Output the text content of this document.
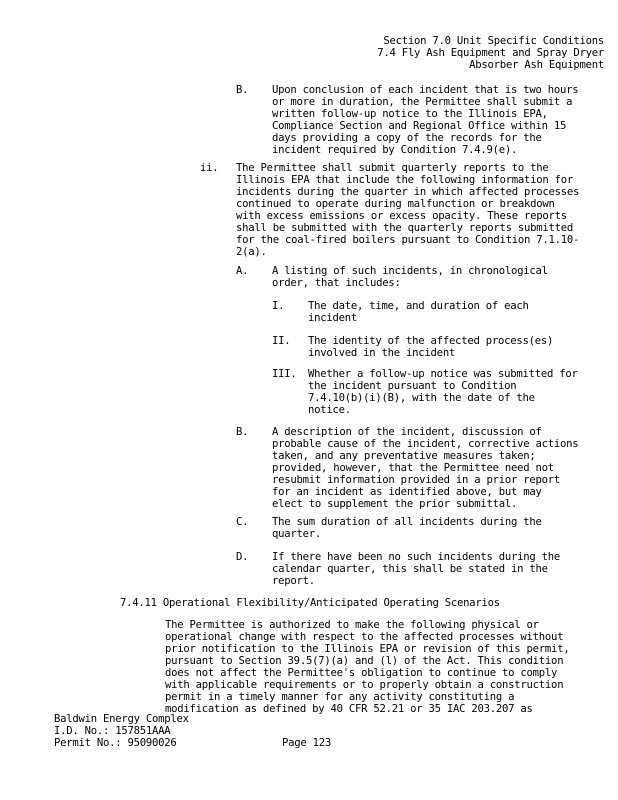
Section 7.0 Unit Specific Conditions
7.4 Fly Ash Equipment and Spray Dryer
Absorber Ash Equipment
B. Upon conclusion of each incident that is two hours
or more in duration, the Permittee shall submit a
written follow-up notice to the Illinois EPA,
Compliance Section and Regional Office within 15
days providing a copy of the records for the
incident required by Condition 7.4.9(e).
ii. The Permittee shall submit quarterly reports to the
Illinois EPA that include the following information for
incidents during the quarter in which affected processes
continued to operate during malfunction or breakdown
with excess emissions or excess opacity. These reports
shall be submitted with the quarterly reports submitted
for the coal-fired boilers pursuant to Condition 7.1.10-
2(a).
A. A listing of such incidents, in chronological
order, that includes:
I. The date, time, and duration of each
incident
II. The identity of the affected process(es)
involved in the incident
III. Whether a follow-up notice was submitted for
the incident pursuant to Condition
7.4.10(b)(i)(B), with the date of the
notice.
B. A description of the incident, discussion of
probable cause of the incident, corrective actions
taken, and any preventative measures taken;
provided, however, that the Permittee need not
resubmit information provided in a prior report
for an incident as identified above, but may
elect to supplement the prior submittal.
C. The sum duration of all incidents during the
quarter.
D. If there have been no such incidents during the
calendar quarter, this shall be stated in the
report.
7.4.11 Operational Flexibility/Anticipated Operating Scenarios
The Permittee is authorized to make the following physical or
operational change with respect to the affected processes without
prior notification to the Illinois EPA or revision of this permit,
pursuant to Section 39.5(7)(a) and (l) of the Act. This condition
does not affect the Permittee's obligation to continue to comply
with applicable requirements or to properly obtain a construction
permit in a timely manner for any activity constituting a
modification as defined by 40 CFR 52.21 or 35 IAC 203.207 as
Baldwin Energy Complex
I.D. No.: 157851AAA
Permit No.: 95090026	Page 123
